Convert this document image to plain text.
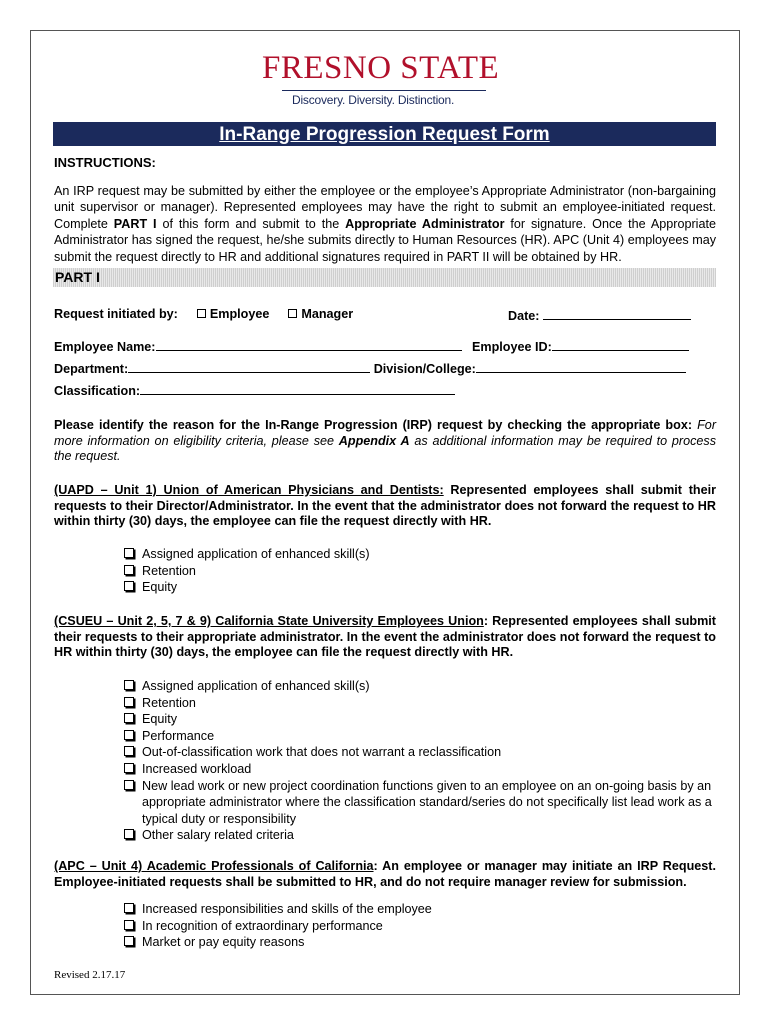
FRESNO STATE
Discovery. Diversity. Distinction.
In-Range Progression Request Form
INSTRUCTIONS:
An IRP request may be submitted by either the employee or the employee’s Appropriate Administrator (non-bargaining unit supervisor or manager). Represented employees may have the right to submit an employee-initiated request. Complete PART I of this form and submit to the Appropriate Administrator for signature. Once the Appropriate Administrator has signed the request, he/she submits directly to Human Resources (HR). APC (Unit 4) employees may submit the request directly to HR and additional signatures required in PART II will be obtained by HR.
PART I
Request initiated by:	Employee	Manager	Date:
Employee Name:	Employee ID:
Department:	Division/College:
Classification:
Please identify the reason for the In-Range Progression (IRP) request by checking the appropriate box: For more information on eligibility criteria, please see Appendix A as additional information may be required to process the request.
(UAPD – Unit 1) Union of American Physicians and Dentists: Represented employees shall submit their requests to their Director/Administrator. In the event that the administrator does not forward the request to HR within thirty (30) days, the employee can file the request directly with HR.
Assigned application of enhanced skill(s)
Retention
Equity
(CSUEU – Unit 2, 5, 7 & 9) California State University Employees Union: Represented employees shall submit their requests to their appropriate administrator. In the event the administrator does not forward the request to HR within thirty (30) days, the employee can file the request directly with HR.
Assigned application of enhanced skill(s)
Retention
Equity
Performance
Out-of-classification work that does not warrant a reclassification
Increased workload
New lead work or new project coordination functions given to an employee on an on-going basis by an appropriate administrator where the classification standard/series do not specifically list lead work as a typical duty or responsibility
Other salary related criteria
(APC – Unit 4) Academic Professionals of California: An employee or manager may initiate an IRP Request. Employee-initiated requests shall be submitted to HR, and do not require manager review for submission.
Increased responsibilities and skills of the employee
In recognition of extraordinary performance
Market or pay equity reasons
Revised 2.17.17
